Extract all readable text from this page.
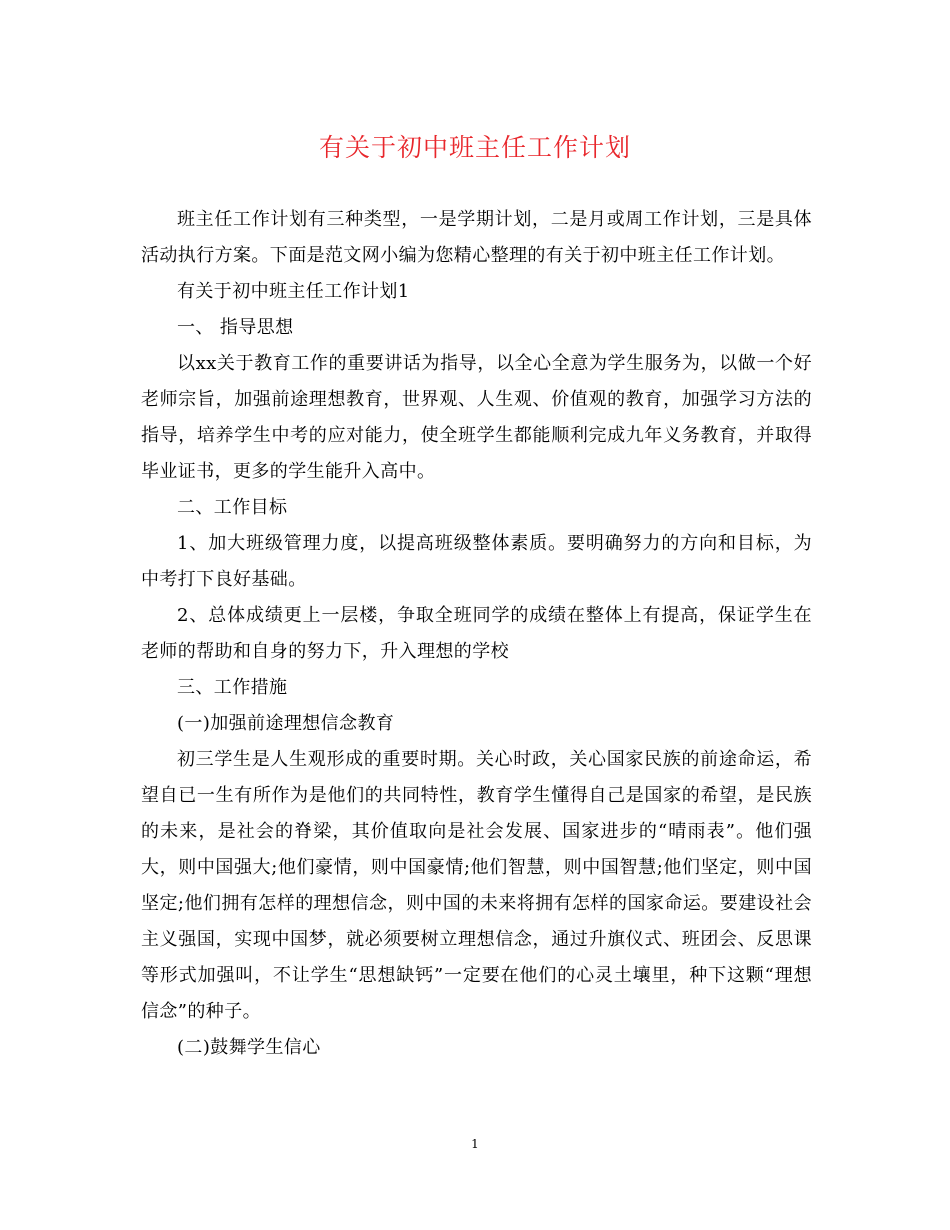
有关于初中班主任工作计划

班主任工作计划有三种类型，一是学期计划，二是月或周工作计划，三是具体活动执行方案。下面是范文网小编为您精心整理的有关于初中班主任工作计划。

有关于初中班主任工作计划1

一、 指导思想

以xx关于教育工作的重要讲话为指导，以全心全意为学生服务为，以做一个好老师宗旨，加强前途理想教育，世界观、人生观、价值观的教育，加强学习方法的指导，培养学生中考的应对能力，使全班学生都能顺利完成九年义务教育，并取得毕业证书，更多的学生能升入高中。

二、工作目标

1、加大班级管理力度，以提高班级整体素质。要明确努力的方向和目标，为中考打下良好基础。

2、总体成绩更上一层楼，争取全班同学的成绩在整体上有提高，保证学生在老师的帮助和自身的努力下，升入理想的学校

三、工作措施

(一)加强前途理想信念教育

初三学生是人生观形成的重要时期。关心时政，关心国家民族的前途命运，希望自已一生有所作为是他们的共同特性，教育学生懂得自己是国家的希望，是民族的未来，是社会的脊梁，其价值取向是社会发展、国家进步的“晴雨表”。他们强大，则中国强大;他们豪情，则中国豪情;他们智慧，则中国智慧;他们坚定，则中国坚定;他们拥有怎样的理想信念，则中国的未来将拥有怎样的国家命运。要建设社会主义强国，实现中国梦，就必须要树立理想信念，通过升旗仪式、班团会、反思课等形式加强叫，不让学生“思想缺钙”一定要在他们的心灵土壤里，种下这颗“理想信念”的种子。

(二)鼓舞学生信心

1
